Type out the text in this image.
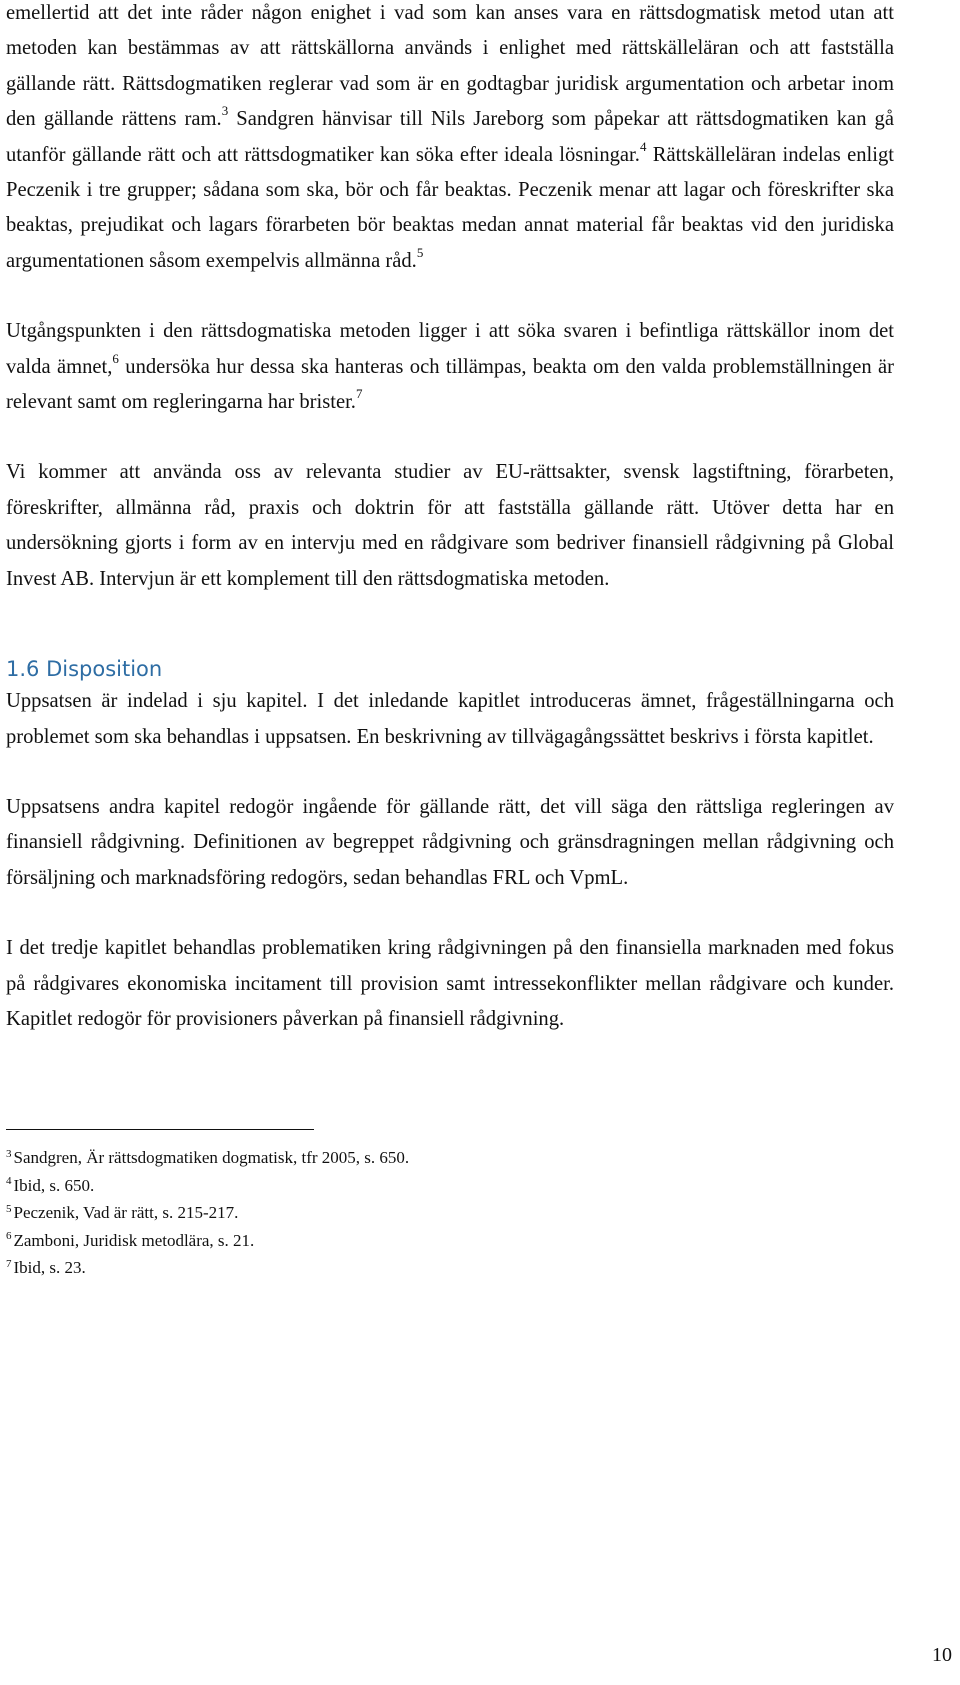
emellertid att det inte råder någon enighet i vad som kan anses vara en rättsdogmatisk metod utan att metoden kan bestämmas av att rättskällorna används i enlighet med rättskälleläran och att fastställa gällande rätt. Rättsdogmatiken reglerar vad som är en godtagbar juridisk argumentation och arbetar inom den gällande rättens ram.$^3$ Sandgren hänvisar till Nils Jareborg som påpekar att rättsdogmatiken kan gå utanför gällande rätt och att rättsdogmatiker kan söka efter ideala lösningar.$^4$ Rättskälleläran indelas enligt Peczenik i tre grupper; sådana som ska, bör och får beaktas. Peczenik menar att lagar och föreskrifter ska beaktas, prejudikat och lagars förarbeten bör beaktas medan annat material får beaktas vid den juridiska argumentationen såsom exempelvis allmänna råd.$^5$

Utgångspunkten i den rättsdogmatiska metoden ligger i att söka svaren i befintliga rättskällor inom det valda ämnet,$^6$ undersöka hur dessa ska hanteras och tillämpas, beakta om den valda problemställningen är relevant samt om regleringarna har brister.$^7$

Vi kommer att använda oss av relevanta studier av EU-rättsakter, svensk lagstiftning, förarbeten, föreskrifter, allmänna råd, praxis och doktrin för att fastställa gällande rätt. Utöver detta har en undersökning gjorts i form av en intervju med en rådgivare som bedriver finansiell rådgivning på Global Invest AB. Intervjun är ett komplement till den rättsdogmatiska metoden.

1.6 Disposition

Uppsatsen är indelad i sju kapitel. I det inledande kapitlet introduceras ämnet, frågeställningarna och problemet som ska behandlas i uppsatsen. En beskrivning av tillvägagångssättet beskrivs i första kapitlet.

Uppsatsens andra kapitel redogör ingående för gällande rätt, det vill säga den rättsliga regleringen av finansiell rådgivning. Definitionen av begreppet rådgivning och gränsdragningen mellan rådgivning och försäljning och marknadsföring redogörs, sedan behandlas FRL och VpmL.

I det tredje kapitlet behandlas problematiken kring rådgivningen på den finansiella marknaden med fokus på rådgivares ekonomiska incitament till provision samt intressekonflikter mellan rådgivare och kunder. Kapitlet redogör för provisioners påverkan på finansiell rådgivning.

$^3$ Sandgren, Är rättsdogmatiken dogmatisk, tfr 2005, s. 650.

$^4$ Ibid, s. 650.

$^5$ Peczenik, Vad är rätt, s. 215-217.

$^6$ Zamboni, Juridisk metodlära, s. 21.

$^7$ Ibid, s. 23.

10
